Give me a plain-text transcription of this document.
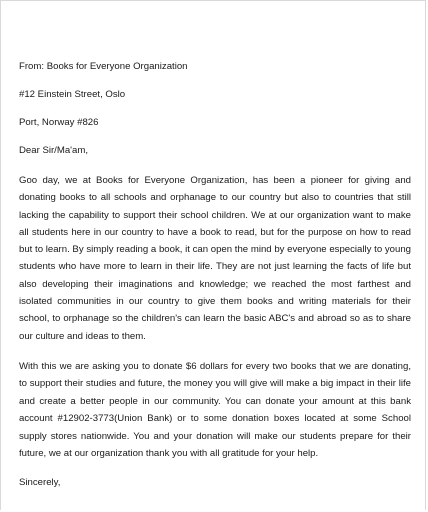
From: Books for Everyone Organization

#12 Einstein Street, Oslo

Port, Norway #826

Dear Sir/Ma'am,

Goo day, we at Books for Everyone Organization, has been a pioneer for giving and donating books to all schools and orphanage to our country but also to countries that still lacking the capability to support their school children. We at our organization want to make all students here in our country to have a book to read, but for the purpose on how to read but to learn. By simply reading a book, it can open the mind by everyone especially to young students who have more to learn in their life. They are not just learning the facts of life but also developing their imaginations and knowledge; we reached the most farthest and isolated communities in our country to give them books and writing materials for their school, to orphanage so the children's can learn the basic ABC's and abroad so as to share our culture and ideas to them.

With this we are asking you to donate $6 dollars for every two books that we are donating, to support their studies and future, the money you will give will make a big impact in their life and create a better people in our community. You can donate your amount at this bank account #12902-3773(Union Bank) or to some donation boxes located at some School supply stores nationwide. You and your donation will make our students prepare for their future, we at our organization thank you with all gratitude for your help.

Sincerely,
